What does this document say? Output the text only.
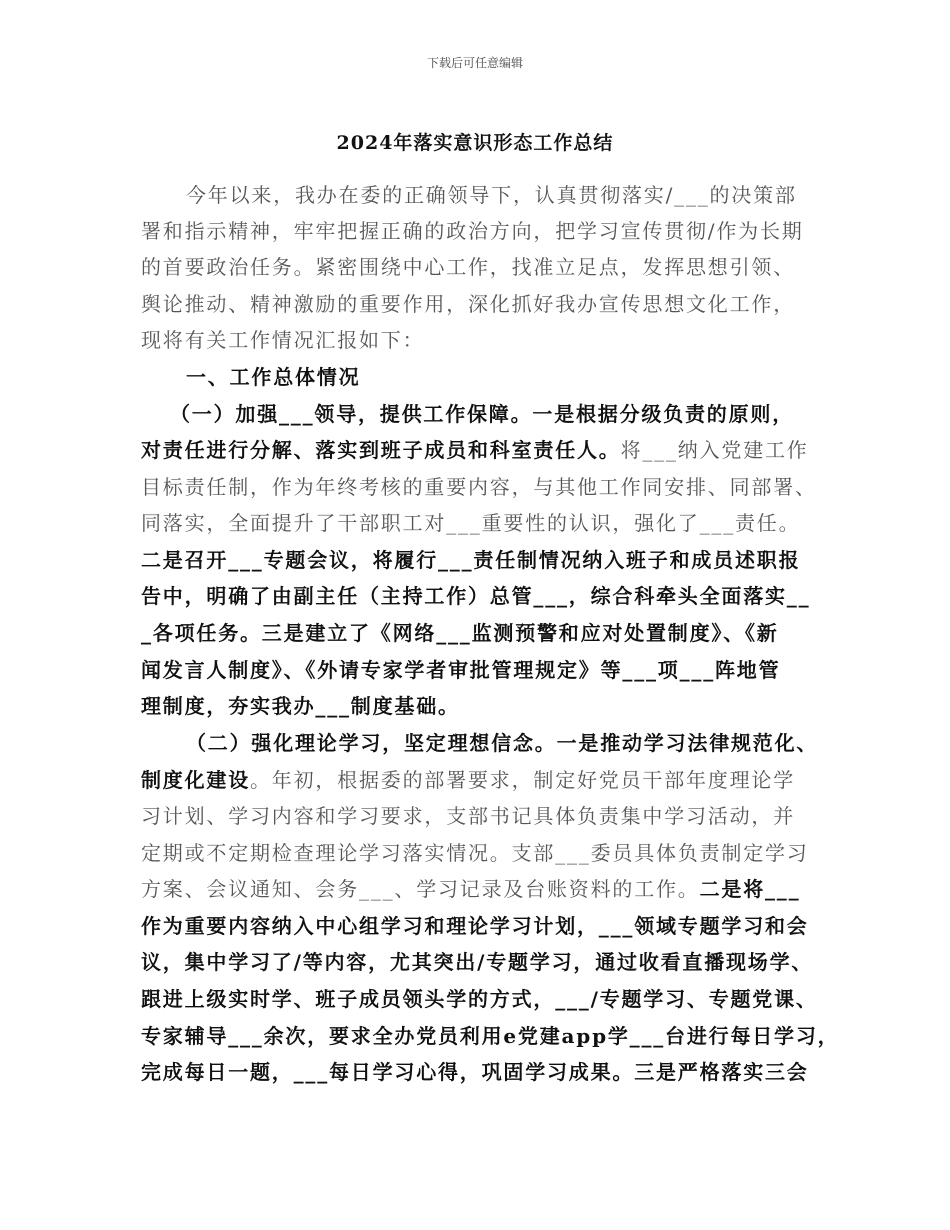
下载后可任意编辑
2024年落实意识形态工作总结
今年以来，我办在委的正确领导下，认真贯彻落实/___的决策部
署和指示精神，牢牢把握正确的政治方向，把学习宣传贯彻/作为长期
的首要政治任务。紧密围绕中心工作，找准立足点，发挥思想引领、
舆论推动、精神激励的重要作用，深化抓好我办宣传思想文化工作，
现将有关工作情况汇报如下：
一、工作总体情况
（一）加强___领导，提供工作保障。一是根据分级负责的原则，
对责任进行分解、落实到班子成员和科室责任人。将___纳入党建工作
目标责任制，作为年终考核的重要内容，与其他工作同安排、同部署、
同落实，全面提升了干部职工对___重要性的认识，强化了___责任。
二是召开___专题会议，将履行___责任制情况纳入班子和成员述职报
告中，明确了由副主任（主持工作）总管___，综合科牵头全面落实__
_各项任务。三是建立了《网络___监测预警和应对处置制度》、《新
闻发言人制度》、《外请专家学者审批管理规定》等___项___阵地管
理制度，夯实我办___制度基础。
（二）强化理论学习，坚定理想信念。一是推动学习法律规范化、
制度化建设。年初，根据委的部署要求，制定好党员干部年度理论学
习计划、学习内容和学习要求，支部书记具体负责集中学习活动，并
定期或不定期检查理论学习落实情况。支部___委员具体负责制定学习
方案、会议通知、会务___、学习记录及台账资料的工作。二是将___
作为重要内容纳入中心组学习和理论学习计划，___领域专题学习和会
议，集中学习了/等内容，尤其突出/专题学习，通过收看直播现场学、
跟进上级实时学、班子成员领头学的方式，___/专题学习、专题党课、
专家辅导___余次，要求全办党员利用e党建app学___台进行每日学习，
完成每日一题，___每日学习心得，巩固学习成果。三是严格落实三会
